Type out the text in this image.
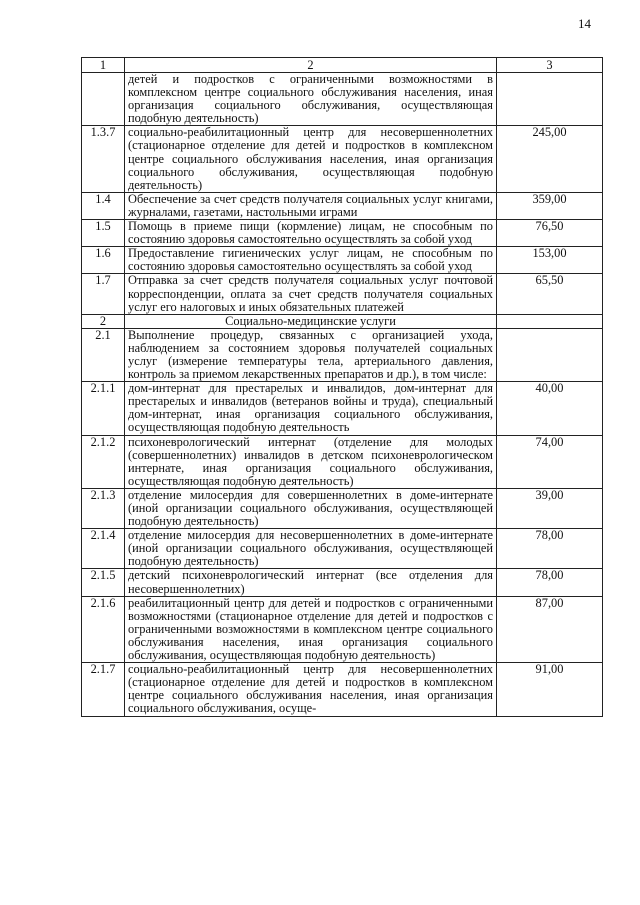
14
1	2	3
	детей и подростков с ограниченными возможностями в комплексном центре социального обслуживания населения, иная организация социального обслуживания, осуществляющая подобную деятельность)	
1.3.7	социально-реабилитационный центр для несовершеннолетних (стационарное отделение для детей и подростков в комплексном центре социального обслуживания населения, иная организация социального обслуживания, осуществляющая подобную деятельность)	245,00
1.4	Обеспечение за счет средств получателя социальных услуг книгами, журналами, газетами, настольными играми	359,00
1.5	Помощь в приеме пищи (кормление) лицам, не способным по состоянию здоровья самостоятельно осуществлять за собой уход	76,50
1.6	Предоставление гигиенических услуг лицам, не способным по состоянию здоровья самостоятельно осуществлять за собой уход	153,00
1.7	Отправка за счет средств получателя социальных услуг почтовой корреспонденции, оплата за счет средств получателя социальных услуг его налоговых и иных обязательных платежей	65,50
2	Социально-медицинские услуги	
2.1	Выполнение процедур, связанных с организацией ухода, наблюдением за состоянием здоровья получателей социальных услуг (измерение температуры тела, артериального давления, контроль за приемом лекарственных препаратов и др.), в том числе:	
2.1.1	дом-интернат для престарелых и инвалидов, дом-интернат для престарелых и инвалидов (ветеранов войны и труда), специальный дом-интернат, иная организация социального обслуживания, осуществляющая подобную деятельность	40,00
2.1.2	психоневрологический интернат (отделение для молодых (совершеннолетних) инвалидов в детском психоневрологическом интернате, иная организация социального обслуживания, осуществляющая подобную деятельность)	74,00
2.1.3	отделение милосердия для совершеннолетних в доме-интернате (иной организации социального обслуживания, осуществляющей подобную деятельность)	39,00
2.1.4	отделение милосердия для несовершеннолетних в доме-интернате (иной организации социального обслуживания, осуществляющей подобную деятельность)	78,00
2.1.5	детский психоневрологический интернат (все отделения для несовершеннолетних)	78,00
2.1.6	реабилитационный центр для детей и подростков с ограниченными возможностями (стационарное отделение для детей и подростков с ограниченными возможностями в комплексном центре социального обслуживания населения, иная организация социального обслуживания, осуществляющая подобную деятельность)	87,00
2.1.7	социально-реабилитационный центр для несовершеннолетних (стационарное отделение для детей и подростков в комплексном центре социального обслуживания населения, иная организация социального обслуживания, осуще-	91,00
